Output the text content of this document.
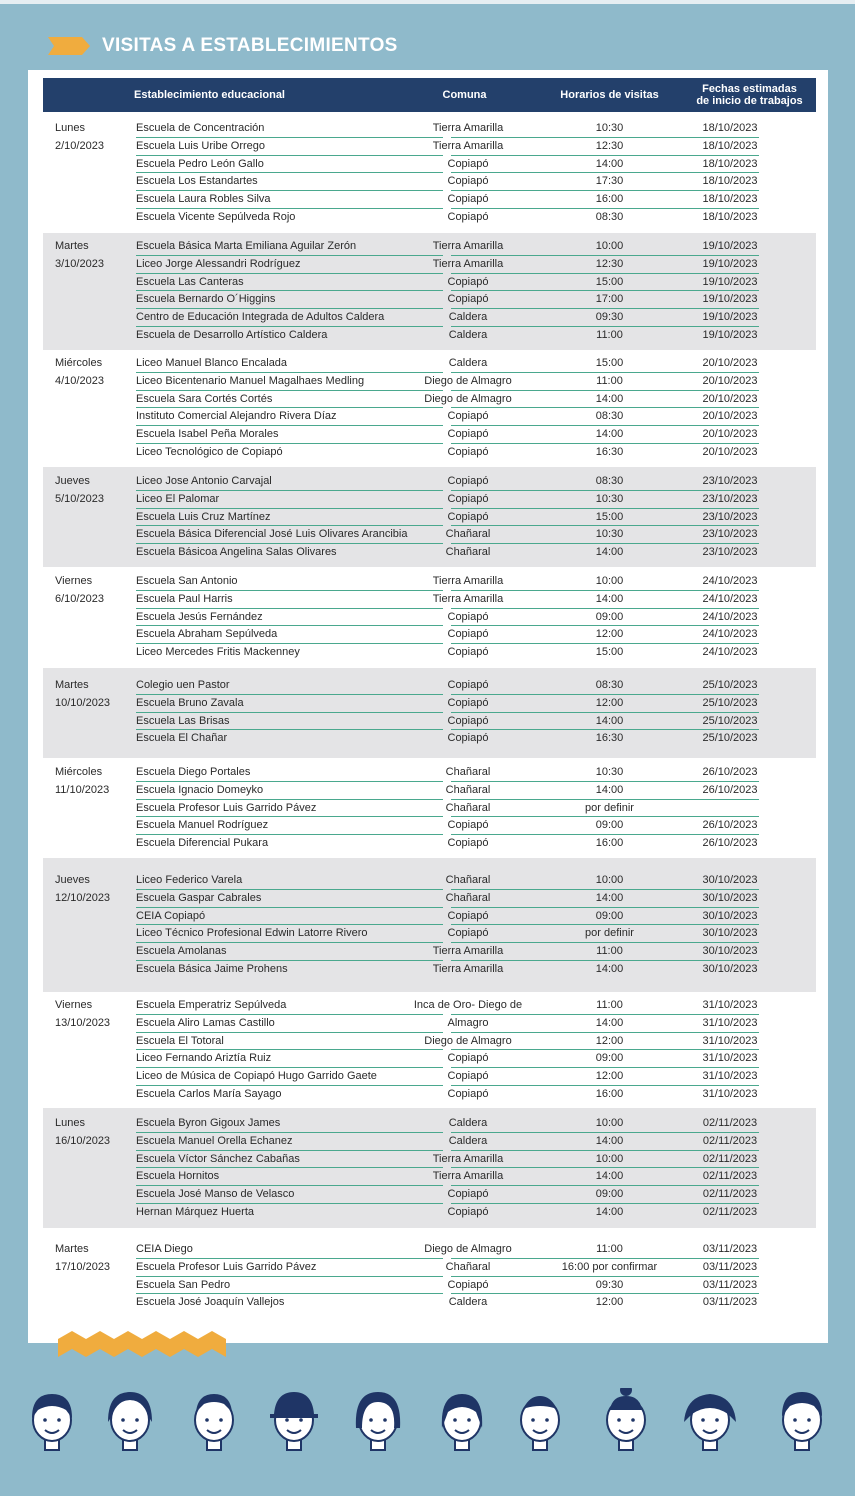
VISITAS A ESTABLECIMIENTOS
Establecimiento educacional	Comuna	Horarios de visitas	Fechas estimadas
de inicio de trabajos
Lunes
2/10/2023
Escuela de Concentración	Tierra Amarilla	10:30	18/10/2023
Escuela Luis Uribe Orrego	Tierra Amarilla	12:30	18/10/2023
Escuela Pedro León Gallo	Copiapó	14:00	18/10/2023
Escuela Los Estandartes	Copiapó	17:30	18/10/2023
Escuela Laura Robles Silva	Copiapó	16:00	18/10/2023
Escuela Vicente Sepúlveda Rojo	Copiapó	08:30	18/10/2023
Martes
3/10/2023
Escuela Básica Marta Emiliana Aguilar Zerón	Tierra Amarilla	10:00	19/10/2023
Liceo Jorge Alessandri Rodríguez	Tierra Amarilla	12:30	19/10/2023
Escuela Las Canteras	Copiapó	15:00	19/10/2023
Escuela Bernardo O´Higgins	Copiapó	17:00	19/10/2023
Centro de Educación Integrada de Adultos Caldera	Caldera	09:30	19/10/2023
Escuela de Desarrollo Artístico Caldera	Caldera	11:00	19/10/2023
Miércoles
4/10/2023
Liceo Manuel Blanco Encalada	Caldera	15:00	20/10/2023
Liceo Bicentenario Manuel Magalhaes Medling	Diego de Almagro	11:00	20/10/2023
Escuela Sara Cortés Cortés	Diego de Almagro	14:00	20/10/2023
Instituto Comercial Alejandro Rivera Díaz	Copiapó	08:30	20/10/2023
Escuela Isabel Peña Morales	Copiapó	14:00	20/10/2023
Liceo Tecnológico de Copiapó	Copiapó	16:30	20/10/2023
Jueves
5/10/2023
Liceo Jose Antonio Carvajal	Copiapó	08:30	23/10/2023
Liceo El Palomar	Copiapó	10:30	23/10/2023
Escuela Luis Cruz Martínez	Copiapó	15:00	23/10/2023
Escuela Básica Diferencial José Luis Olivares Arancibia	Chañaral	10:30	23/10/2023
Escuela Básicoa Angelina Salas Olivares	Chañaral	14:00	23/10/2023
Viernes
6/10/2023
Escuela San Antonio	Tierra Amarilla	10:00	24/10/2023
Escuela Paul Harris	Tierra Amarilla	14:00	24/10/2023
Escuela Jesús Fernández	Copiapó	09:00	24/10/2023
Escuela Abraham Sepúlveda	Copiapó	12:00	24/10/2023
Liceo Mercedes Fritis Mackenney	Copiapó	15:00	24/10/2023
Martes
10/10/2023
Colegio uen Pastor	Copiapó	08:30	25/10/2023
Escuela Bruno Zavala	Copiapó	12:00	25/10/2023
Escuela Las Brisas	Copiapó	14:00	25/10/2023
Escuela El Chañar	Copiapó	16:30	25/10/2023
Miércoles
11/10/2023
Escuela Diego Portales	Chañaral	10:30	26/10/2023
Escuela Ignacio Domeyko	Chañaral	14:00	26/10/2023
Escuela Profesor Luis Garrido Pávez	Chañaral	por definir
Escuela Manuel Rodríguez	Copiapó	09:00	26/10/2023
Escuela Diferencial Pukara	Copiapó	16:00	26/10/2023
Jueves
12/10/2023
Liceo Federico Varela	Chañaral	10:00	30/10/2023
Escuela Gaspar Cabrales	Chañaral	14:00	30/10/2023
CEIA Copiapó	Copiapó	09:00	30/10/2023
Liceo Técnico Profesional Edwin Latorre Rivero	Copiapó	por definir	30/10/2023
Escuela Amolanas	Tierra Amarilla	11:00	30/10/2023
Escuela Básica Jaime Prohens	Tierra Amarilla	14:00	30/10/2023
Viernes
13/10/2023
Escuela Emperatriz Sepúlveda	Inca de Oro- Diego de	11:00	31/10/2023
Escuela Aliro Lamas Castillo	Almagro	14:00	31/10/2023
Escuela El Totoral	Diego de Almagro	12:00	31/10/2023
Liceo Fernando Ariztía Ruiz	Copiapó	09:00	31/10/2023
Liceo de Música de Copiapó Hugo Garrido Gaete	Copiapó	12:00	31/10/2023
Escuela Carlos María Sayago	Copiapó	16:00	31/10/2023
Lunes
16/10/2023
Escuela Byron Gigoux James	Caldera	10:00	02/11/2023
Escuela Manuel Orella Echanez	Caldera	14:00	02/11/2023
Escuela Víctor Sánchez Cabañas	Tierra Amarilla	10:00	02/11/2023
Escuela Hornitos	Tierra Amarilla	14:00	02/11/2023
Escuela José Manso de Velasco	Copiapó	09:00	02/11/2023
Hernan Márquez Huerta	Copiapó	14:00	02/11/2023
Martes
17/10/2023
CEIA Diego	Diego de Almagro	11:00	03/11/2023
Escuela Profesor Luis Garrido Pávez	Chañaral	16:00 por confirmar	03/11/2023
Escuela San Pedro	Copiapó	09:30	03/11/2023
Escuela José Joaquín Vallejos	Caldera	12:00	03/11/2023
